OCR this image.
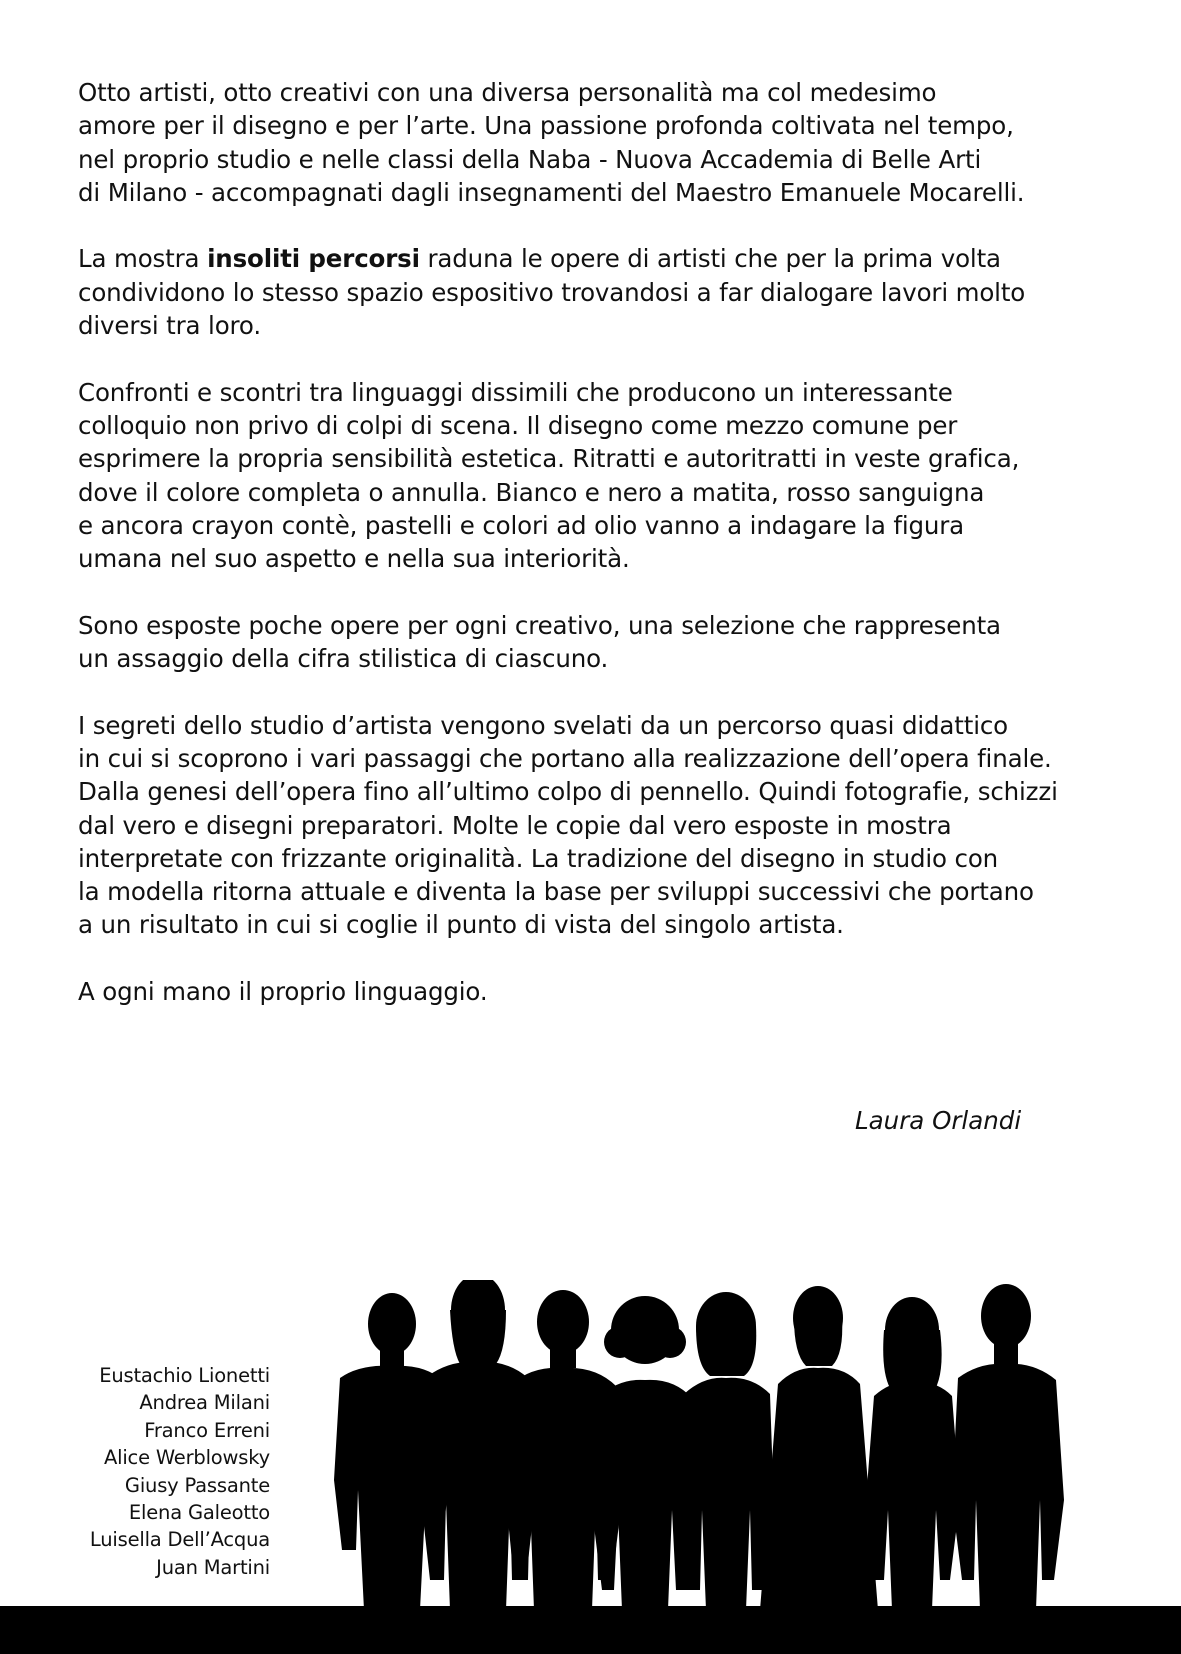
Otto artisti, otto creativi con una diversa personalità ma col medesimo
amore per il disegno e per l’arte. Una passione profonda coltivata nel tempo,
nel proprio studio e nelle classi della Naba - Nuova Accademia di Belle Arti
di Milano - accompagnati dagli insegnamenti del Maestro Emanuele Mocarelli.

La mostra insoliti percorsi raduna le opere di artisti che per la prima volta
condividono lo stesso spazio espositivo trovandosi a far dialogare lavori molto
diversi tra loro.

Confronti e scontri tra linguaggi dissimili che producono un interessante
colloquio non privo di colpi di scena. Il disegno come mezzo comune per
esprimere la propria sensibilità estetica. Ritratti e autoritratti in veste grafica,
dove il colore completa o annulla. Bianco e nero a matita, rosso sanguigna
e ancora crayon contè, pastelli e colori ad olio vanno a indagare la figura
umana nel suo aspetto e nella sua interiorità.

Sono esposte poche opere per ogni creativo, una selezione che rappresenta
un assaggio della cifra stilistica di ciascuno.

I segreti dello studio d’artista vengono svelati da un percorso quasi didattico
in cui si scoprono i vari passaggi che portano alla realizzazione dell’opera finale.
Dalla genesi dell’opera fino all’ultimo colpo di pennello. Quindi fotografie, schizzi
dal vero e disegni preparatori. Molte le copie dal vero esposte in mostra
interpretate con frizzante originalità. La tradizione del disegno in studio con
la modella ritorna attuale e diventa la base per sviluppi successivi che portano
a un risultato in cui si coglie il punto di vista del singolo artista.

A ogni mano il proprio linguaggio.

Laura Orlandi
Eustachio Lionetti
Andrea Milani
Franco Erreni
Alice Werblowsky
Giusy Passante
Elena Galeotto
Luisella Dell’Acqua
Juan Martini
